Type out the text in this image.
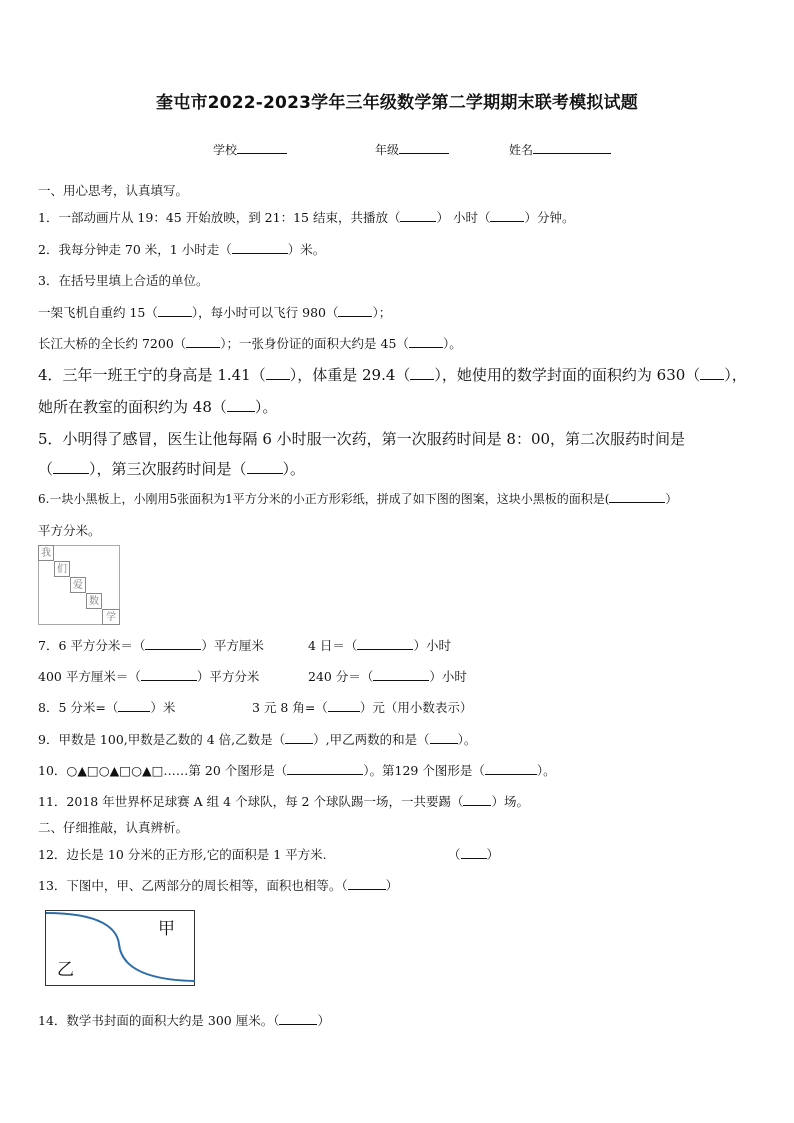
奎屯市2022-2023学年三年级数学第二学期期末联考模拟试题
学校	年级	姓名
一、用心思考，认真填写。
1．一部动画片从 19：45 开始放映，到 21：15 结束，共播放（	） 小时（	）分钟。
2．我每分钟走 70 米，1 小时走（	）米。
3．在括号里填上合适的单位。
一架飞机自重约 15（	），每小时可以飞行 980（	）；
长江大桥的全长约 7200（	）；一张身份证的面积大约是 45（	）。
4．三年一班王宁的身高是 1.41（ ），体重是 29.4（ ），她使用的数学封面的面积约为 630（ ），
她所在教室的面积约为 48（ ）。
5．小明得了感冒，医生让他每隔 6 小时服一次药，第一次服药时间是 8：00，第二次服药时间是
（ ），第三次服药时间是（ ）。
6.一块小黑板上，小刚用5张面积为1平方分米的小正方形彩纸，拼成了如下图的图案，这块小黑板的面积是(	）
平方分米。
我
们
爱
数
学
7．6 平方分米＝（	）平方厘米	4 日＝（	）小时
400 平方厘米＝（	）平方分米	240 分＝（	）小时
8．5 分米=（	）米	3 元 8 角=（	）元（用小数表示）
9．甲数是 100,甲数是乙数的 4 倍,乙数是（ ）,甲乙两数的和是（ ）。
10．○▲□○▲□○▲□……第 20 个图形是（	）。第129 个图形是（	）。
11．2018 年世界杯足球赛 A 组 4 个球队，每 2 个球队踢一场，一共要踢（ ）场。
二、仔细推敲，认真辨析。
12．边长是 10 分米的正方形,它的面积是 1 平方米.	（ ）
13．下图中，甲、乙两部分的周长相等，面积也相等。（	）
甲
乙
14．数学书封面的面积大约是 300 厘米。（	）
